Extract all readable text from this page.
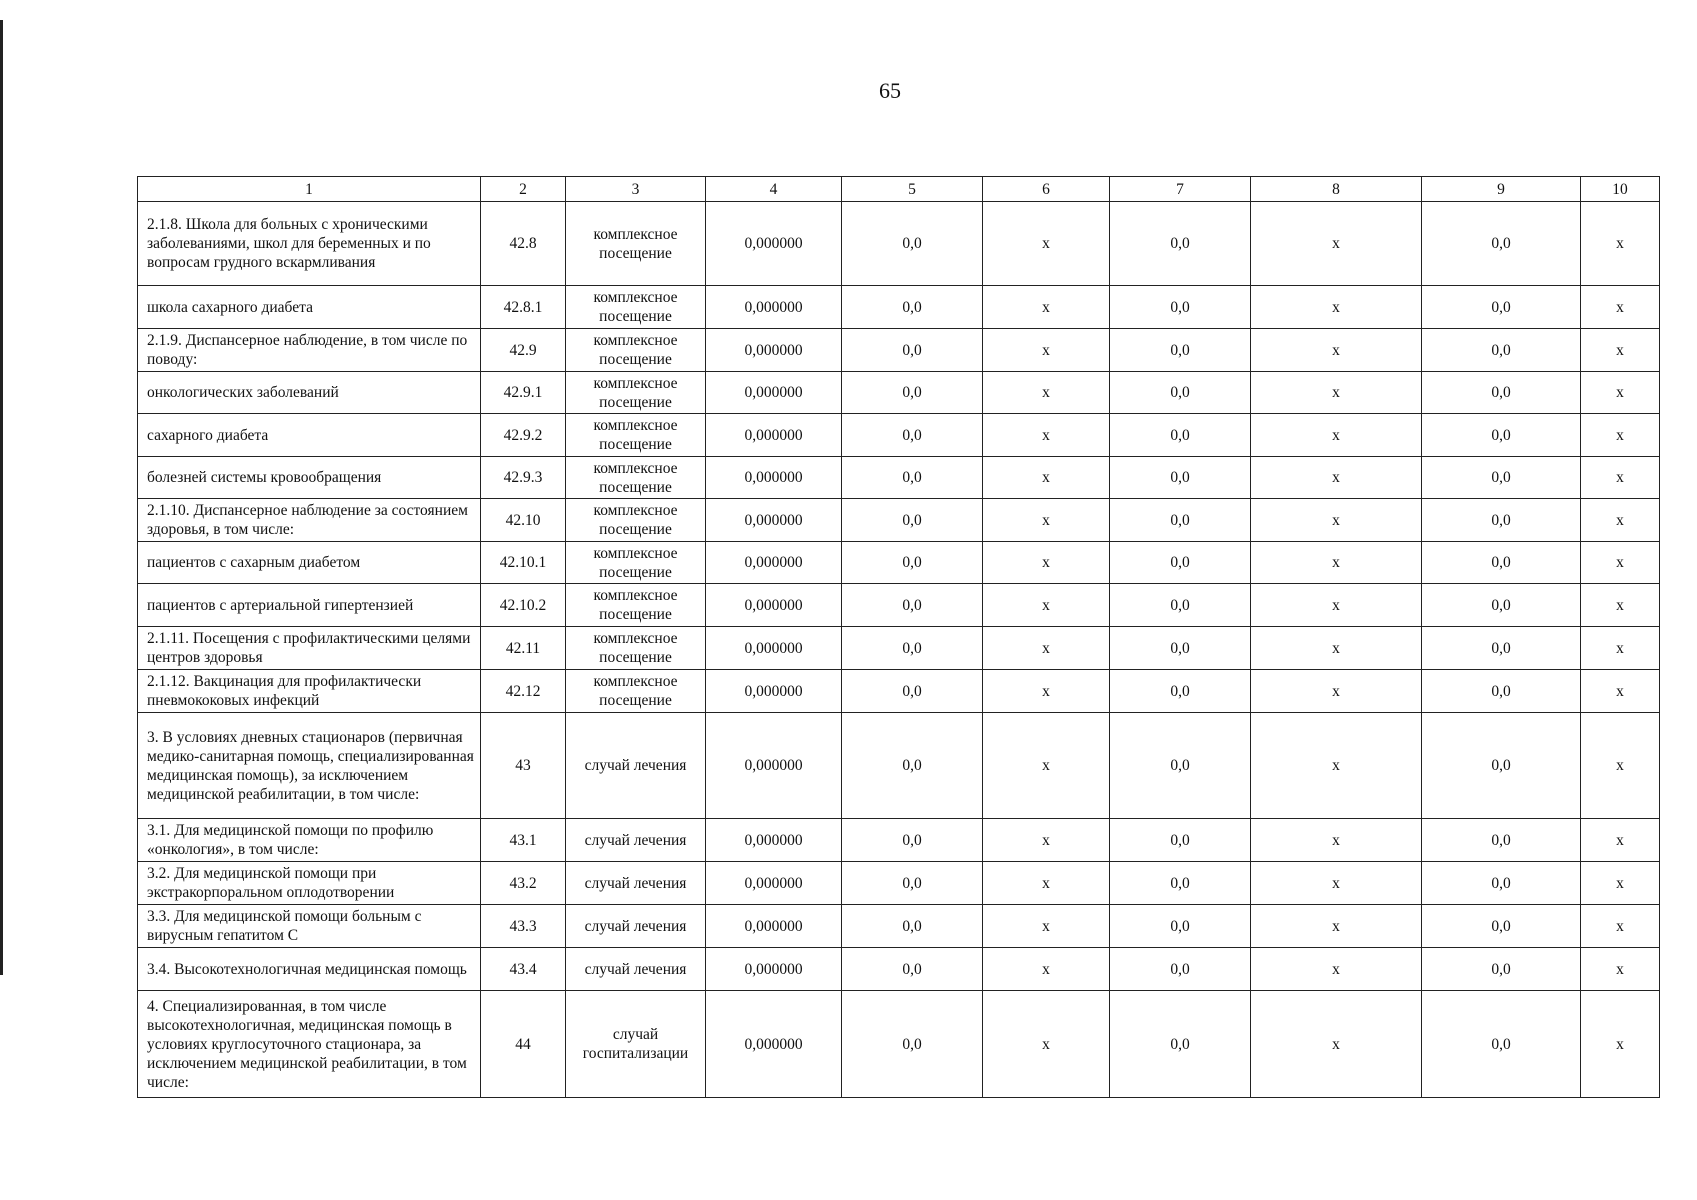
65
1	2	3	4	5	6	7	8	9	10
2.1.8. Школа для больных с хроническими заболеваниями, школ для беременных и по вопросам грудного вскармливания	42.8	комплексное посещение	0,000000	0,0	х	0,0	х	0,0	х
школа сахарного диабета	42.8.1	комплексное посещение	0,000000	0,0	х	0,0	х	0,0	х
2.1.9. Диспансерное наблюдение, в том числе по поводу:	42.9	комплексное посещение	0,000000	0,0	х	0,0	х	0,0	х
онкологических заболеваний	42.9.1	комплексное посещение	0,000000	0,0	х	0,0	х	0,0	х
сахарного диабета	42.9.2	комплексное посещение	0,000000	0,0	х	0,0	х	0,0	х
болезней системы кровообращения	42.9.3	комплексное посещение	0,000000	0,0	х	0,0	х	0,0	х
2.1.10. Диспансерное наблюдение за состоянием здоровья, в том числе:	42.10	комплексное посещение	0,000000	0,0	х	0,0	х	0,0	х
пациентов с сахарным диабетом	42.10.1	комплексное посещение	0,000000	0,0	х	0,0	х	0,0	х
пациентов с артериальной гипертензией	42.10.2	комплексное посещение	0,000000	0,0	х	0,0	х	0,0	х
2.1.11. Посещения с профилактическими целями центров здоровья	42.11	комплексное посещение	0,000000	0,0	х	0,0	х	0,0	х
2.1.12. Вакцинация для профилактически пневмококовых инфекций	42.12	комплексное посещение	0,000000	0,0	х	0,0	х	0,0	х
3. В условиях дневных стационаров (первичная медико-санитарная помощь, специализированная медицинская помощь), за исключением медицинской реабилитации, в том числе:	43	случай лечения	0,000000	0,0	х	0,0	х	0,0	х
3.1. Для медицинской помощи по профилю «онкология», в том числе:	43.1	случай лечения	0,000000	0,0	х	0,0	х	0,0	х
3.2. Для медицинской помощи при экстракорпоральном оплодотворении	43.2	случай лечения	0,000000	0,0	х	0,0	х	0,0	х
3.3. Для медицинской помощи больным с вирусным гепатитом С	43.3	случай лечения	0,000000	0,0	х	0,0	х	0,0	х
3.4. Высокотехнологичная медицинская помощь	43.4	случай лечения	0,000000	0,0	х	0,0	х	0,0	х
4. Специализированная, в том числе высокотехнологичная, медицинская помощь в условиях круглосуточного стационара, за исключением медицинской реабилитации, в том числе:	44	случай госпитализации	0,000000	0,0	х	0,0	х	0,0	х
